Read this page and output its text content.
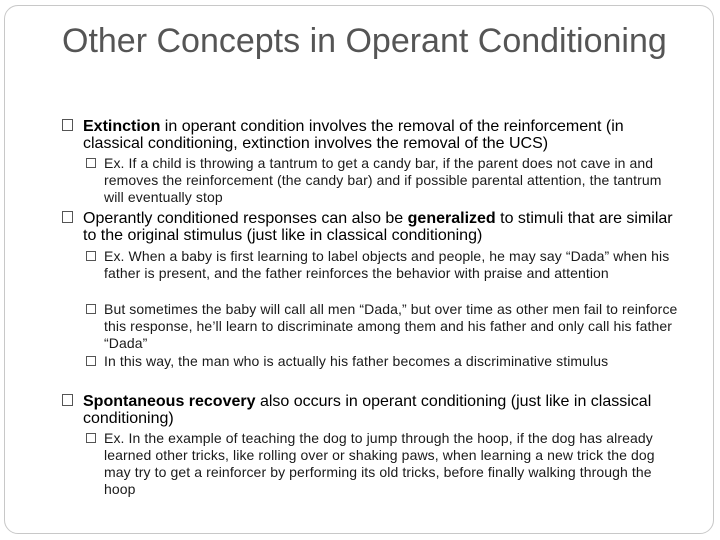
Other Concepts in Operant Conditioning
Extinction in operant condition involves the removal of the reinforcement (in classical conditioning, extinction involves the removal of the UCS)
Ex. If a child is throwing a tantrum to get a candy bar, if the parent does not cave in and removes the reinforcement (the candy bar) and if possible parental attention, the tantrum will eventually stop
Operantly conditioned responses can also be generalized to stimuli that are similar to the original stimulus (just like in classical conditioning)
Ex. When a baby is first learning to label objects and people, he may say “Dada” when his father is present, and the father reinforces the behavior with praise and attention
But sometimes the baby will call all men “Dada,” but over time as other men fail to reinforce this response, he’ll learn to discriminate among them and his father and only call his father “Dada”
In this way, the man who is actually his father becomes a discriminative stimulus
Spontaneous recovery also occurs in operant conditioning (just like in classical conditioning)
Ex. In the example of teaching the dog to jump through the hoop, if the dog has already learned other tricks, like rolling over or shaking paws, when learning a new trick the dog may try to get a reinforcer by performing its old tricks, before finally walking through the hoop
